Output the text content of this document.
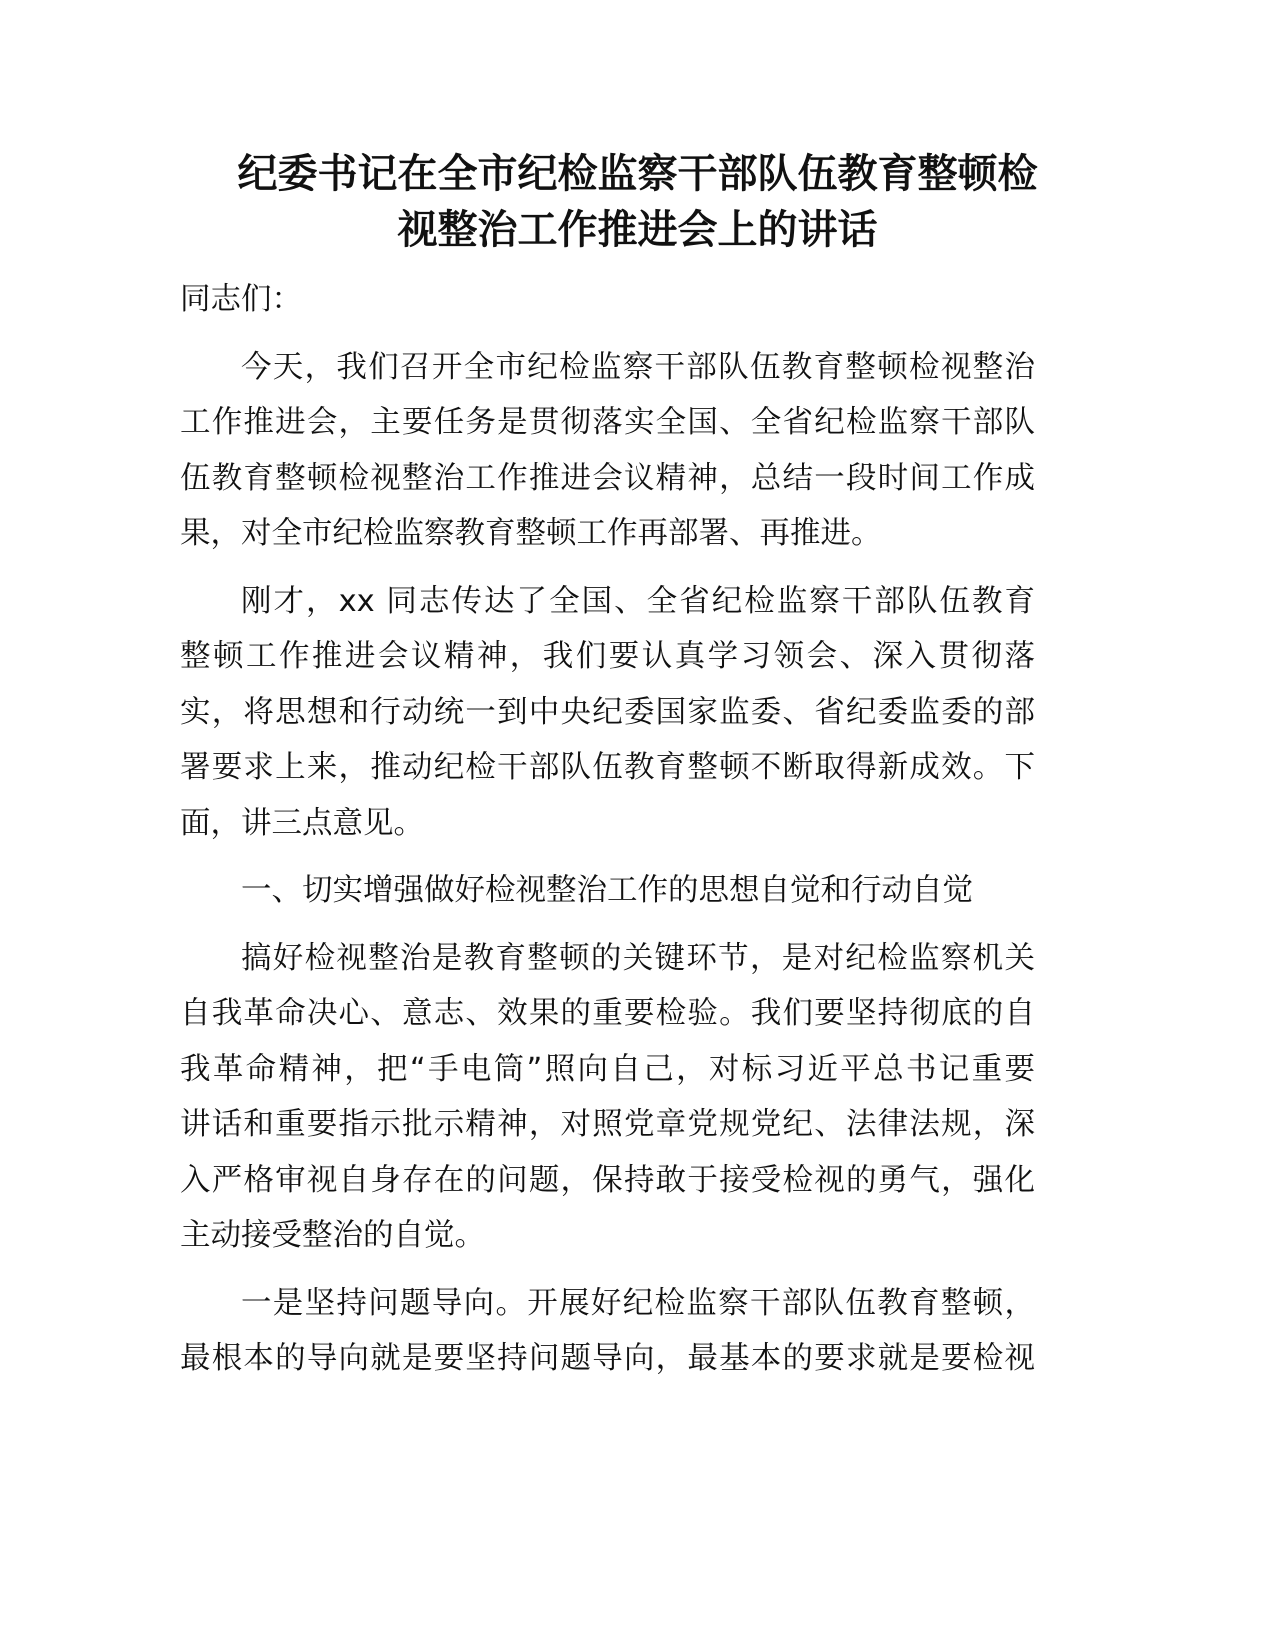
纪委书记在全市纪检监察干部队伍教育整顿检
视整治工作推进会上的讲话
同志们：
今天，我们召开全市纪检监察干部队伍教育整顿检视整治
工作推进会，主要任务是贯彻落实全国、全省纪检监察干部队
伍教育整顿检视整治工作推进会议精神，总结一段时间工作成
果，对全市纪检监察教育整顿工作再部署、再推进。
刚才，xx 同志传达了全国、全省纪检监察干部队伍教育
整顿工作推进会议精神，我们要认真学习领会、深入贯彻落
实，将思想和行动统一到中央纪委国家监委、省纪委监委的部
署要求上来，推动纪检干部队伍教育整顿不断取得新成效。下
面，讲三点意见。
一、切实增强做好检视整治工作的思想自觉和行动自觉
搞好检视整治是教育整顿的关键环节，是对纪检监察机关
自我革命决心、意志、效果的重要检验。我们要坚持彻底的自
我革命精神，把“手电筒”照向自己，对标习近平总书记重要
讲话和重要指示批示精神，对照党章党规党纪、法律法规，深
入严格审视自身存在的问题，保持敢于接受检视的勇气，强化
主动接受整治的自觉。
一是坚持问题导向。开展好纪检监察干部队伍教育整顿，
最根本的导向就是要坚持问题导向，最基本的要求就是要检视
